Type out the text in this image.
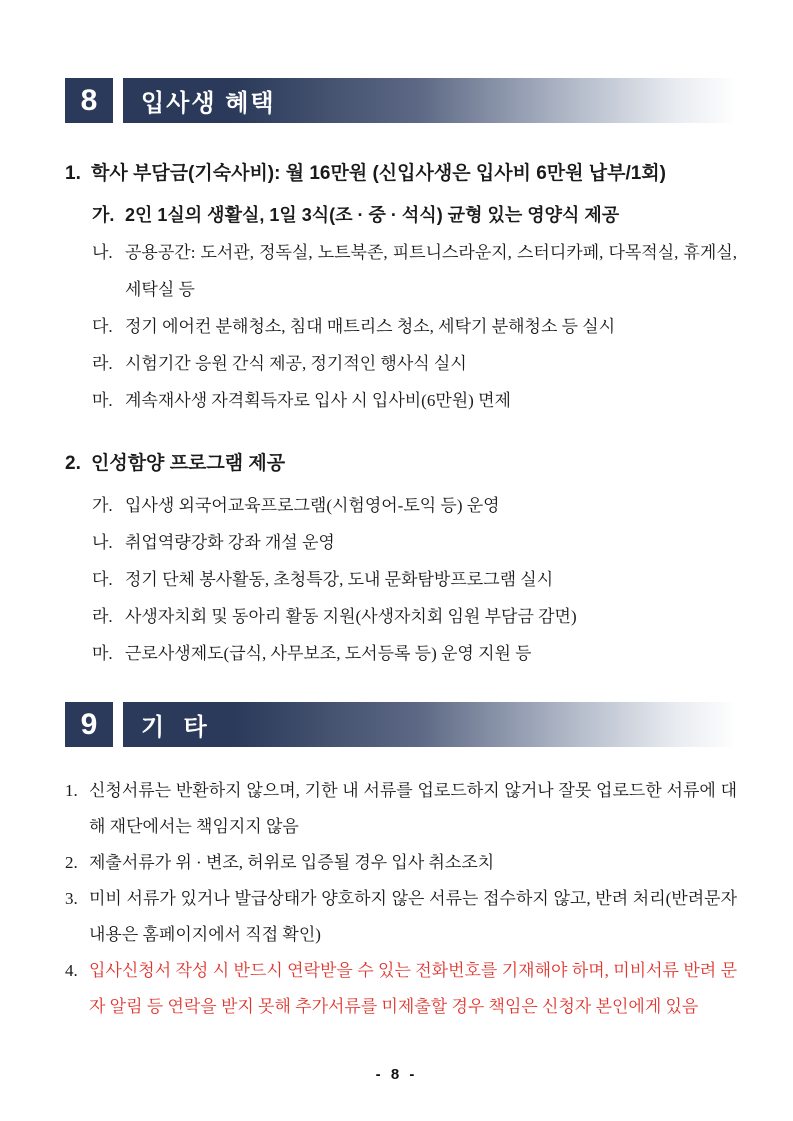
8	입사생 혜택
1. 학사 부담금(기숙사비): 월 16만원 (신입사생은 입사비 6만원 납부/1회)
가. 2인 1실의 생활실, 1일 3식(조 · 중 · 석식) 균형 있는 영양식 제공
나. 공용공간: 도서관, 정독실, 노트북존, 피트니스라운지, 스터디카페, 다목적실, 휴게실, 세탁실 등
다. 정기 에어컨 분해청소, 침대 매트리스 청소, 세탁기 분해청소 등 실시
라. 시험기간 응원 간식 제공, 정기적인 행사식 실시
마. 계속재사생 자격획득자로 입사 시 입사비(6만원) 면제
2. 인성함양 프로그램 제공
가. 입사생 외국어교육프로그램(시험영어-토익 등) 운영
나. 취업역량강화 강좌 개설 운영
다. 정기 단체 봉사활동, 초청특강, 도내 문화탐방프로그램 실시
라. 사생자치회 및 동아리 활동 지원(사생자치회 임원 부담금 감면)
마. 근로사생제도(급식, 사무보조, 도서등록 등) 운영 지원 등
9	기  타
1. 신청서류는 반환하지 않으며, 기한 내 서류를 업로드하지 않거나 잘못 업로드한 서류에 대해 재단에서는 책임지지 않음
2. 제출서류가 위 · 변조, 허위로 입증될 경우 입사 취소조치
3. 미비 서류가 있거나 발급상태가 양호하지 않은 서류는 접수하지 않고, 반려 처리(반려문자 내용은 홈페이지에서 직접 확인)
4. 입사신청서 작성 시 반드시 연락받을 수 있는 전화번호를 기재해야 하며, 미비서류 반려 문자 알림 등 연락을 받지 못해 추가서류를 미제출할 경우 책임은 신청자 본인에게 있음
- 8 -
